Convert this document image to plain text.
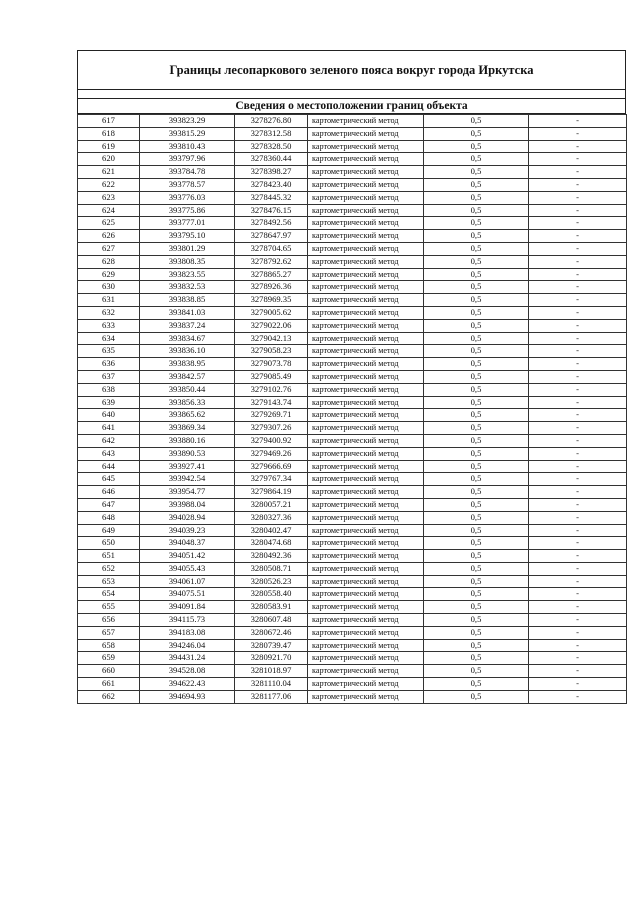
Границы лесопаркового зеленого пояса вокруг города Иркутска
Сведения о местоположении границ объекта
617	393823.29	3278276.80	картометрический метод	0,5	-
618	393815.29	3278312.58	картометрический метод	0,5	-
619	393810.43	3278328.50	картометрический метод	0,5	-
620	393797.96	3278360.44	картометрический метод	0,5	-
621	393784.78	3278398.27	картометрический метод	0,5	-
622	393778.57	3278423.40	картометрический метод	0,5	-
623	393776.03	3278445.32	картометрический метод	0,5	-
624	393775.86	3278476.15	картометрический метод	0,5	-
625	393777.01	3278492.56	картометрический метод	0,5	-
626	393795.10	3278647.97	картометрический метод	0,5	-
627	393801.29	3278704.65	картометрический метод	0,5	-
628	393808.35	3278792.62	картометрический метод	0,5	-
629	393823.55	3278865.27	картометрический метод	0,5	-
630	393832.53	3278926.36	картометрический метод	0,5	-
631	393838.85	3278969.35	картометрический метод	0,5	-
632	393841.03	3279005.62	картометрический метод	0,5	-
633	393837.24	3279022.06	картометрический метод	0,5	-
634	393834.67	3279042.13	картометрический метод	0,5	-
635	393836.10	3279058.23	картометрический метод	0,5	-
636	393838.95	3279073.78	картометрический метод	0,5	-
637	393842.57	3279085.49	картометрический метод	0,5	-
638	393850.44	3279102.76	картометрический метод	0,5	-
639	393856.33	3279143.74	картометрический метод	0,5	-
640	393865.62	3279269.71	картометрический метод	0,5	-
641	393869.34	3279307.26	картометрический метод	0,5	-
642	393880.16	3279400.92	картометрический метод	0,5	-
643	393890.53	3279469.26	картометрический метод	0,5	-
644	393927.41	3279666.69	картометрический метод	0,5	-
645	393942.54	3279767.34	картометрический метод	0,5	-
646	393954.77	3279864.19	картометрический метод	0,5	-
647	393988.04	3280057.21	картометрический метод	0,5	-
648	394028.94	3280327.36	картометрический метод	0,5	-
649	394039.23	3280402.47	картометрический метод	0,5	-
650	394048.37	3280474.68	картометрический метод	0,5	-
651	394051.42	3280492.36	картометрический метод	0,5	-
652	394055.43	3280508.71	картометрический метод	0,5	-
653	394061.07	3280526.23	картометрический метод	0,5	-
654	394075.51	3280558.40	картометрический метод	0,5	-
655	394091.84	3280583.91	картометрический метод	0,5	-
656	394115.73	3280607.48	картометрический метод	0,5	-
657	394183.08	3280672.46	картометрический метод	0,5	-
658	394246.04	3280739.47	картометрический метод	0,5	-
659	394431.24	3280921.70	картометрический метод	0,5	-
660	394528.08	3281018.97	картометрический метод	0,5	-
661	394622.43	3281110.04	картометрический метод	0,5	-
662	394694.93	3281177.06	картометрический метод	0,5	-
